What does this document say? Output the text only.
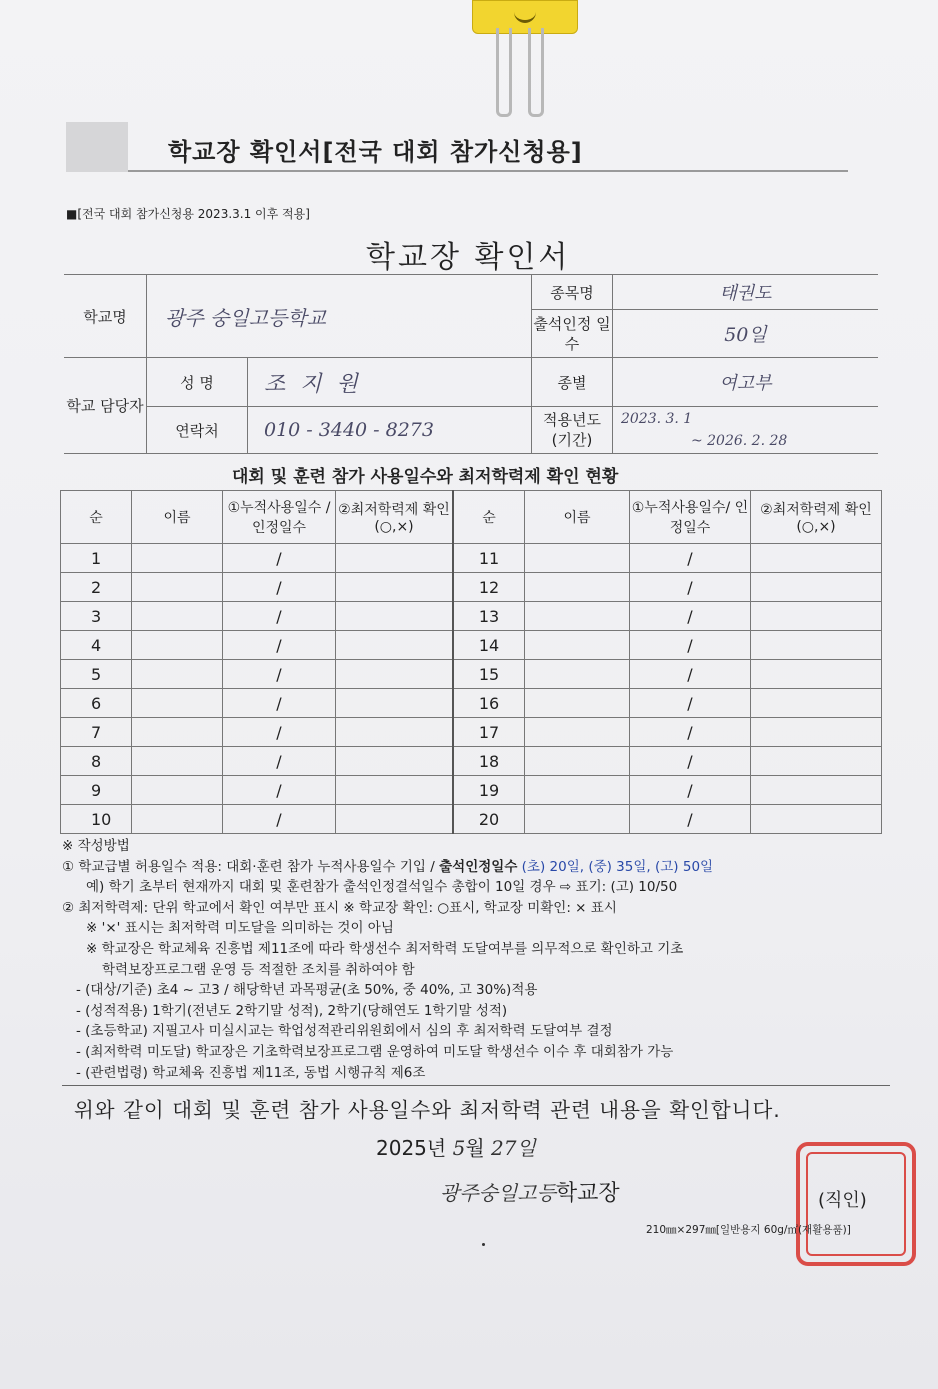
학교장 확인서[전국 대회 참가신청용]
■[전국 대회 참가신청용 2023.3.1 이후 적용]
학교장 확인서
학교명	광주 숭일고등학교		종목명	태권도
			출석인정 일수	50일
학교 담당자	성 명	조 지 원	종별	여고부
	연락처	010 - 3440 - 8273	적용년도 (기간)	2023. 3. 1
~ 2026. 2. 28
대회 및 훈련 참가 사용일수와 최저학력제 확인 현황
순	이름	①누적사용일수 /인정일수	②최저학력제 확인(○,×)	순	이름	①누적사용일수/ 인정일수	②최저학력제 확인(○,×)
1		/		11		/	
2		/		12		/	
3		/		13		/	
4		/		14		/	
5		/		15		/	
6		/		16		/	
7		/		17		/	
8		/		18		/	
9		/		19		/	
10		/		20		/	
※ 작성방법
① 학교급별 허용일수 적용: 대회·훈련 참가 누적사용일수 기입 / 출석인정일수 (초) 20일, (중) 35일, (고) 50일
예) 학기 초부터 현재까지 대회 및 훈련참가 출석인정결석일수 총합이 10일 경우 ⇨ 표기: (고) 10/50
② 최저학력제: 단위 학교에서 확인 여부만 표시 ※ 학교장 확인: ○표시, 학교장 미확인: × 표시
※ '×' 표시는 최저학력 미도달을 의미하는 것이 아님
※ 학교장은 학교체육 진흥법 제11조에 따라 학생선수 최저학력 도달여부를 의무적으로 확인하고 기초
학력보장프로그램 운영 등 적절한 조치를 취하여야 함
- (대상/기준) 초4 ~ 고3 / 해당학년 과목평균(초 50%, 중 40%, 고 30%)적용
- (성적적용) 1학기(전년도 2학기말 성적), 2학기(당해연도 1학기말 성적)
- (초등학교) 지필고사 미실시교는 학업성적관리위원회에서 심의 후 최저학력 도달여부 결정
- (최저학력 미도달) 학교장은 기초학력보장프로그램 운영하여 미도달 학생선수 이수 후 대회참가 가능
- (관련법령) 학교체육 진흥법 제11조, 동법 시행규칙 제6조
위와 같이 대회 및 훈련 참가 사용일수와 최저학력 관련 내용을 확인합니다.
2025년 5월 27일
광주숭일고등학교장	(직인)
210㎜×297㎜[일반용지 60g/㎡(재활용품)]
